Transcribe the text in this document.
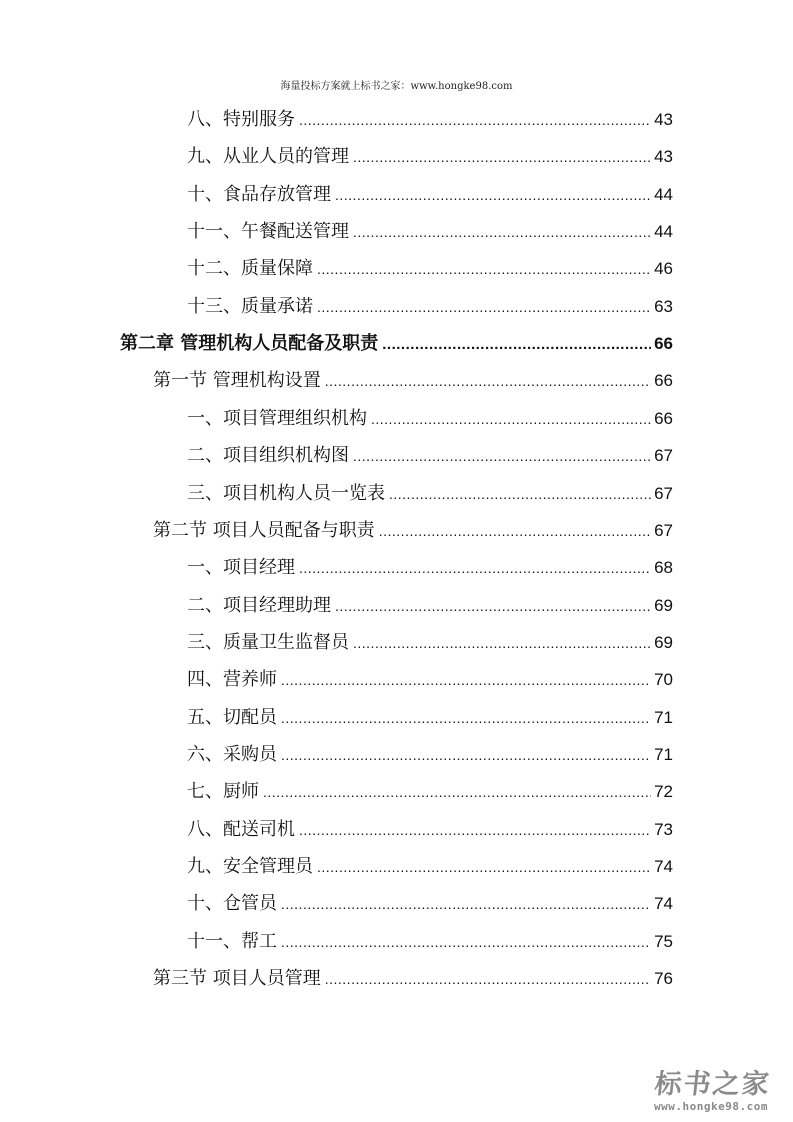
海量投标方案就上标书之家：www.hongke98.com
八、特别服务 .....	43
九、从业人员的管理 .....	43
十、食品存放管理 .....	44
十一、午餐配送管理 .....	44
十二、质量保障 .....	46
十三、质量承诺 .....	63
第二章 管理机构人员配备及职责 .....	66
第一节 管理机构设置 .....	66
一、项目管理组织机构 .....	66
二、项目组织机构图 .....	67
三、项目机构人员一览表 .....	67
第二节 项目人员配备与职责 .....	67
一、项目经理 .....	68
二、项目经理助理 .....	69
三、质量卫生监督员 .....	69
四、营养师 .....	70
五、切配员 .....	71
六、采购员 .....	71
七、厨师 .....	72
八、配送司机 .....	73
九、安全管理员 .....	74
十、仓管员 .....	74
十一、帮工 .....	75
第三节 项目人员管理 .....	76
标书之家
www.hongke98.com
